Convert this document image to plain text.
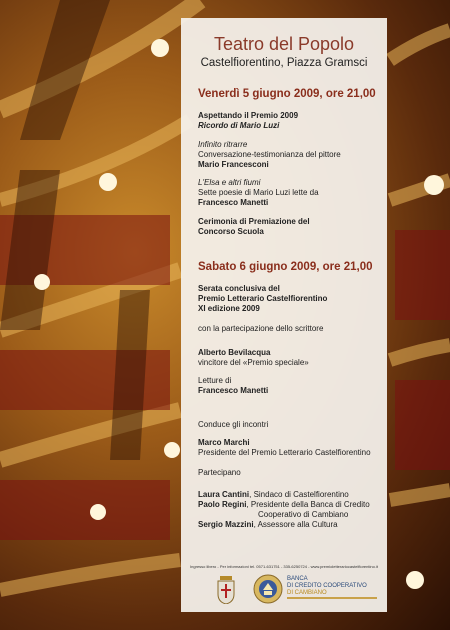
Teatro del Popolo
Castelfiorentino, Piazza Gramsci
Venerdì 5 giugno 2009, ore 21,00
Aspettando il Premio 2009
Ricordo di Mario Luzi
Infinito ritrarre
Conversazione-testimonianza del pittore
Mario Francesconi
L'Elsa e altri fiumi
Sette poesie di Mario Luzi lette da
Francesco Manetti
Cerimonia di Premiazione del
Concorso Scuola
Sabato 6 giugno 2009, ore 21,00
Serata conclusiva del
Premio Letterario Castelfiorentino
XI edizione 2009
con la partecipazione dello scrittore
Alberto Bevilacqua
vincitore del «Premio speciale»
Letture di
Francesco Manetti
Conduce gli incontri
Marco Marchi
Presidente del Premio Letterario Castelfiorentino
Partecipano
Laura Cantini, Sindaco di Castelfiorentino
Paolo Regini, Presidente della Banca di Credito
Cooperativo di Cambiano
Sergio Mazzini, Assessore alla Cultura
Ingresso libero - Per informazioni tel. 0571-631751 - 335-6250724 - www.premioletterariocastelfiorentino.it
BANCA
DI CREDITO COOPERATIVO
DI CAMBIANO
